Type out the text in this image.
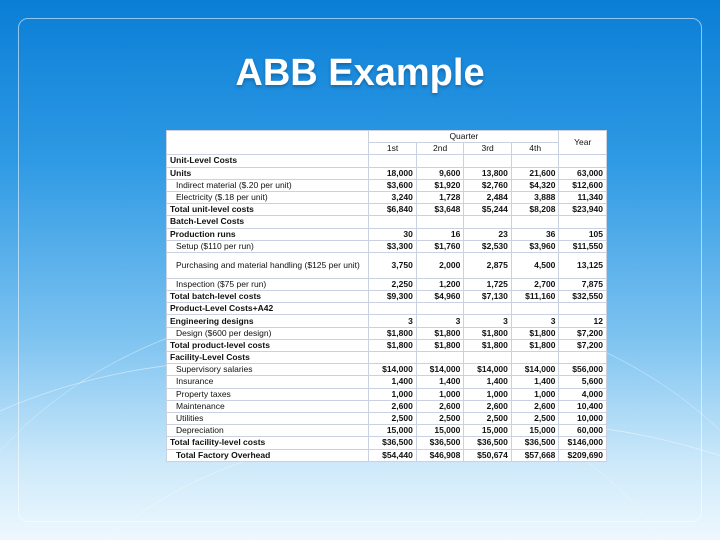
ABB Example
	Quarter				Year
	1st	2nd	3rd	4th	
Unit-Level Costs					
Units	18,000	9,600	13,800	21,600	63,000
Indirect material ($.20 per unit)	$3,600	$1,920	$2,760	$4,320	$12,600
Electricity ($.18 per unit)	3,240	1,728	2,484	3,888	11,340
Total unit-level costs	$6,840	$3,648	$5,244	$8,208	$23,940
Batch-Level Costs					
Production runs	30	16	23	36	105
Setup ($110 per run)	$3,300	$1,760	$2,530	$3,960	$11,550
Purchasing and material handling ($125 per unit)	3,750	2,000	2,875	4,500	13,125
Inspection ($75 per run)	2,250	1,200	1,725	2,700	7,875
Total batch-level costs	$9,300	$4,960	$7,130	$11,160	$32,550
Product-Level Costs+A42					
Engineering designs	3	3	3	3	12
Design ($600 per design)	$1,800	$1,800	$1,800	$1,800	$7,200
Total product-level costs	$1,800	$1,800	$1,800	$1,800	$7,200
Facility-Level Costs					
Supervisory salaries	$14,000	$14,000	$14,000	$14,000	$56,000
Insurance	1,400	1,400	1,400	1,400	5,600
Property taxes	1,000	1,000	1,000	1,000	4,000
Maintenance	2,600	2,600	2,600	2,600	10,400
Utilities	2,500	2,500	2,500	2,500	10,000
Depreciation	15,000	15,000	15,000	15,000	60,000
Total facility-level costs	$36,500	$36,500	$36,500	$36,500	$146,000
Total Factory Overhead	$54,440	$46,908	$50,674	$57,668	$209,690
